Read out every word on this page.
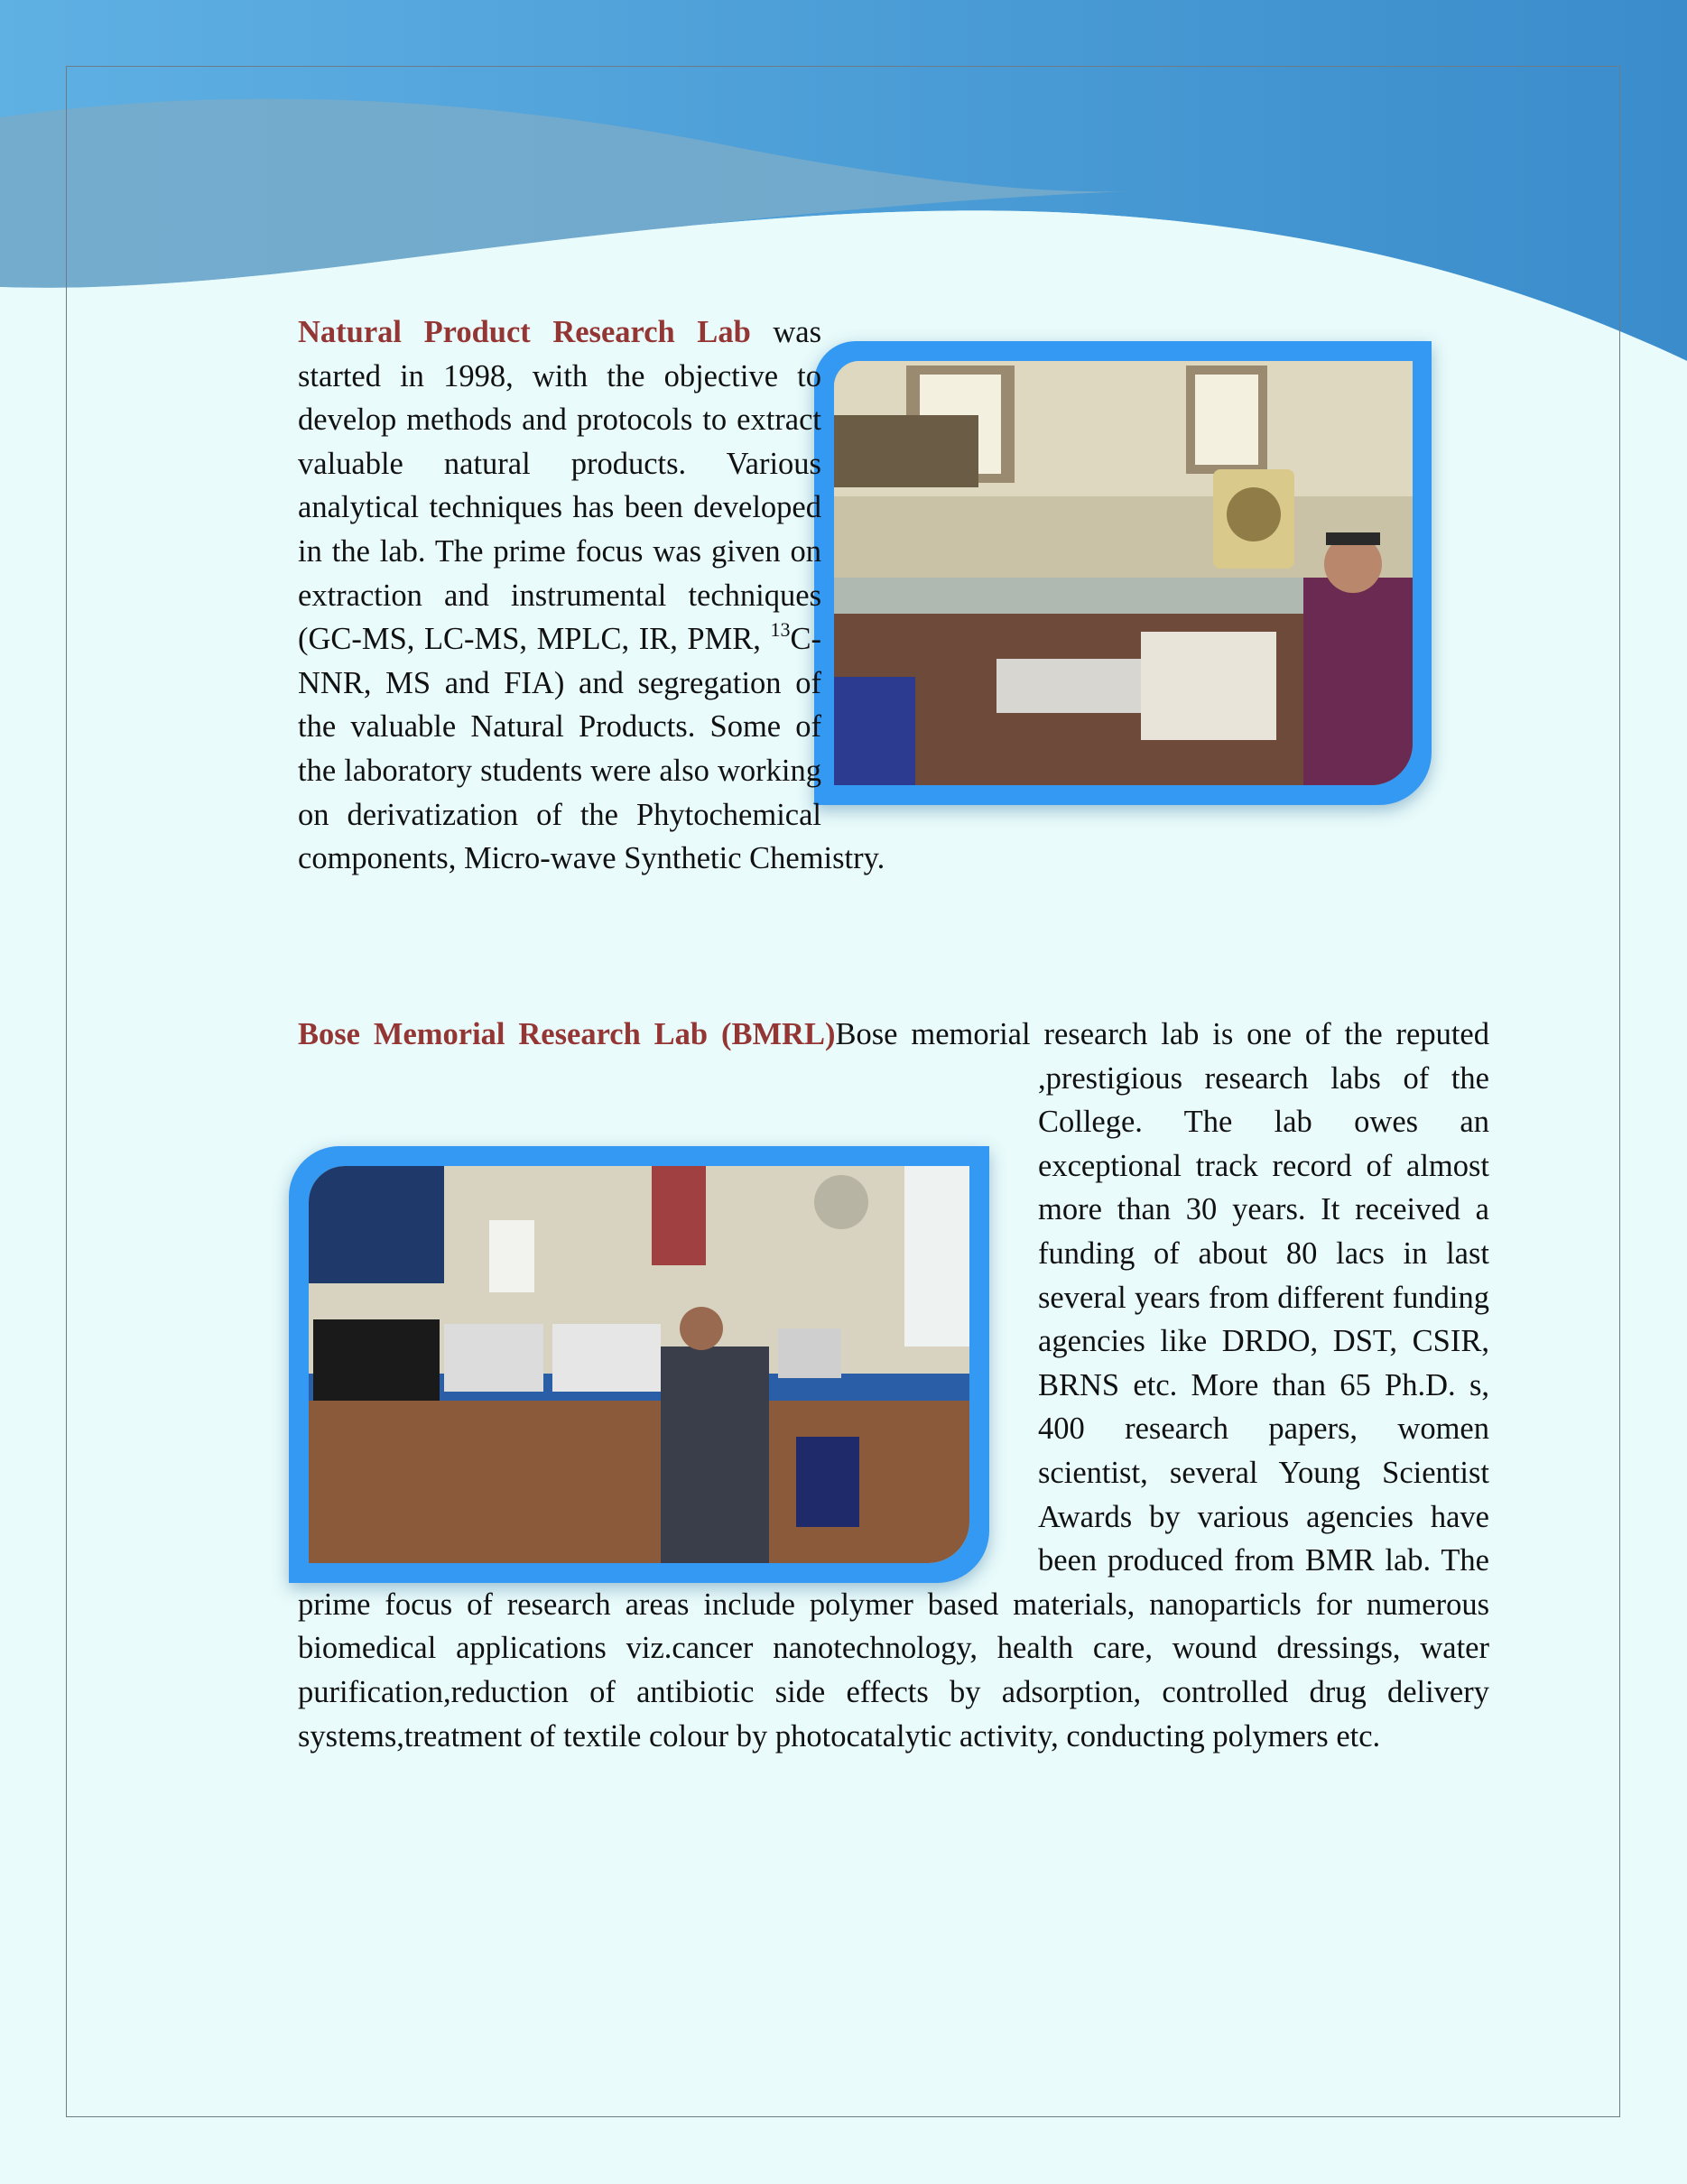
Natural Product Research Lab was started in 1998, with the objective to develop methods and protocols to extract valuable natural products. Various analytical techniques has been developed in the lab. The prime focus was given on extraction and instrumental techniques (GC-MS, LC-MS, MPLC, IR, PMR, $^{13}$C-NNR, MS and FIA) and segregation of the valuable Natural Products. Some of the laboratory students were also working on derivatization of the Phytochemical components, Micro-wave Synthetic Chemistry.
Bose Memorial Research Lab (BMRL)Bose memorial research lab is one of the reputed ,prestigious research labs of the College. The lab owes an exceptional track record of almost more than 30 years. It received a funding of about 80 lacs in last several years from different funding agencies like DRDO, DST, CSIR, BRNS etc. More than 65 Ph.D. s, 400 research papers, women scientist, several Young Scientist Awards by various agencies have been produced from BMR lab. The prime focus of research areas include polymer based materials, nanoparticls for numerous biomedical applications viz.cancer nanotechnology, health care, wound dressings, water purification,reduction of antibiotic side effects by adsorption, controlled drug delivery systems,treatment of textile colour by photocatalytic activity, conducting polymers etc.
